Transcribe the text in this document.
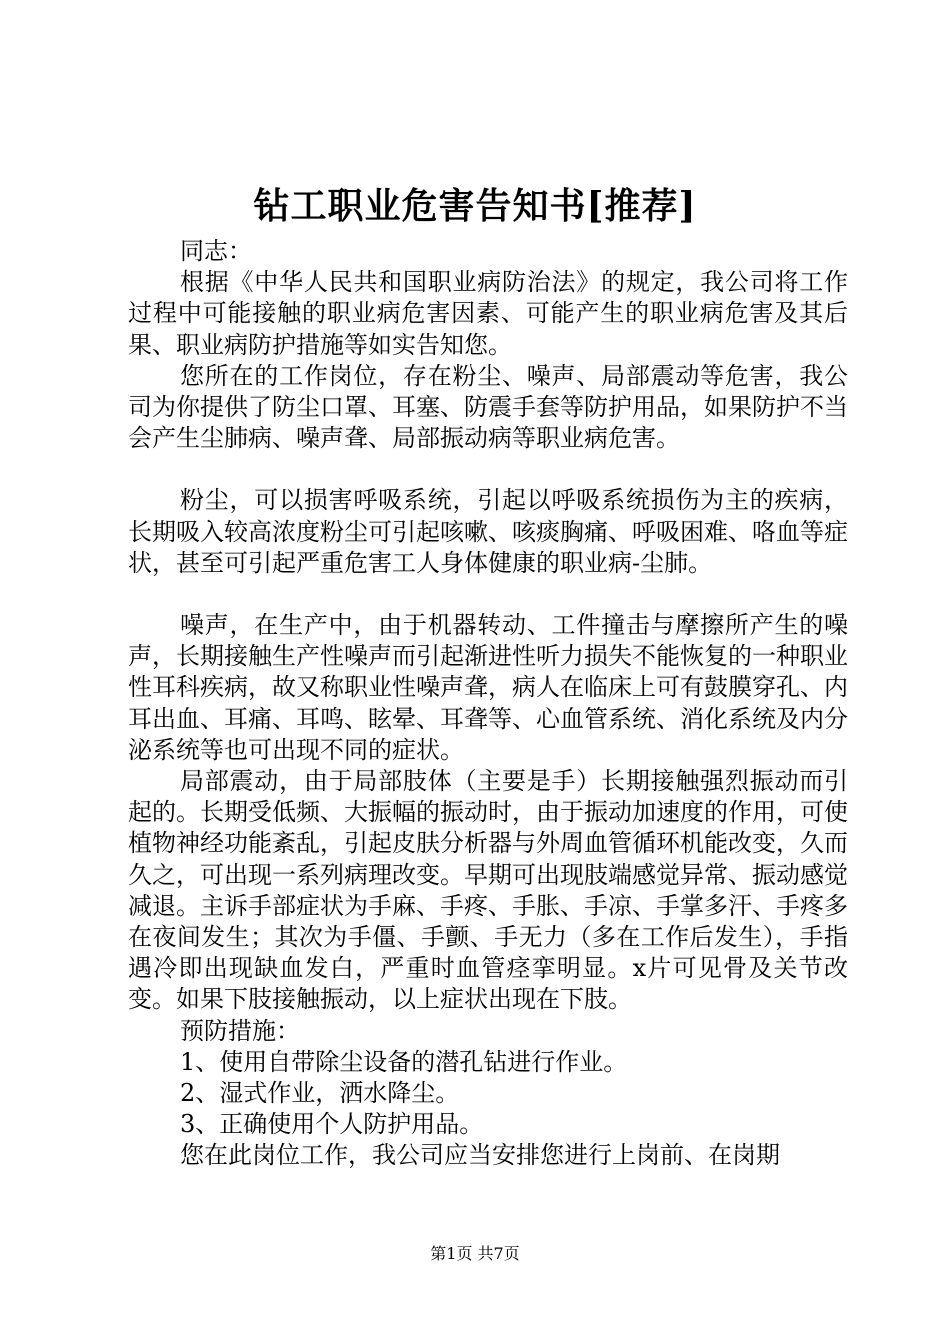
钻工职业危害告知书[推荐]

同志：

根据《中华人民共和国职业病防治法》的规定，我公司将工作过程中可能接触的职业病危害因素、可能产生的职业病危害及其后果、职业病防护措施等如实告知您。

您所在的工作岗位，存在粉尘、噪声、局部震动等危害，我公司为你提供了防尘口罩、耳塞、防震手套等防护用品，如果防护不当会产生尘肺病、噪声聋、局部振动病等职业病危害。

粉尘，可以损害呼吸系统，引起以呼吸系统损伤为主的疾病，长期吸入较高浓度粉尘可引起咳嗽、咳痰胸痛、呼吸困难、咯血等症状，甚至可引起严重危害工人身体健康的职业病-尘肺。

噪声，在生产中，由于机器转动、工件撞击与摩擦所产生的噪声，长期接触生产性噪声而引起渐进性听力损失不能恢复的一种职业性耳科疾病，故又称职业性噪声聋，病人在临床上可有鼓膜穿孔、内耳出血、耳痛、耳鸣、眩晕、耳聋等、心血管系统、消化系统及内分泌系统等也可出现不同的症状。

局部震动，由于局部肢体（主要是手）长期接触强烈振动而引起的。长期受低频、大振幅的振动时，由于振动加速度的作用，可使植物神经功能紊乱，引起皮肤分析器与外周血管循环机能改变，久而久之，可出现一系列病理改变。早期可出现肢端感觉异常、振动感觉减退。主诉手部症状为手麻、手疼、手胀、手凉、手掌多汗、手疼多在夜间发生；其次为手僵、手颤、手无力（多在工作后发生），手指遇冷即出现缺血发白，严重时血管痉挛明显。x片可见骨及关节改变。如果下肢接触振动，以上症状出现在下肢。

预防措施：

1、使用自带除尘设备的潜孔钻进行作业。

2、湿式作业，洒水降尘。

3、正确使用个人防护用品。

您在此岗位工作，我公司应当安排您进行上岗前、在岗期

第1页 共7页
